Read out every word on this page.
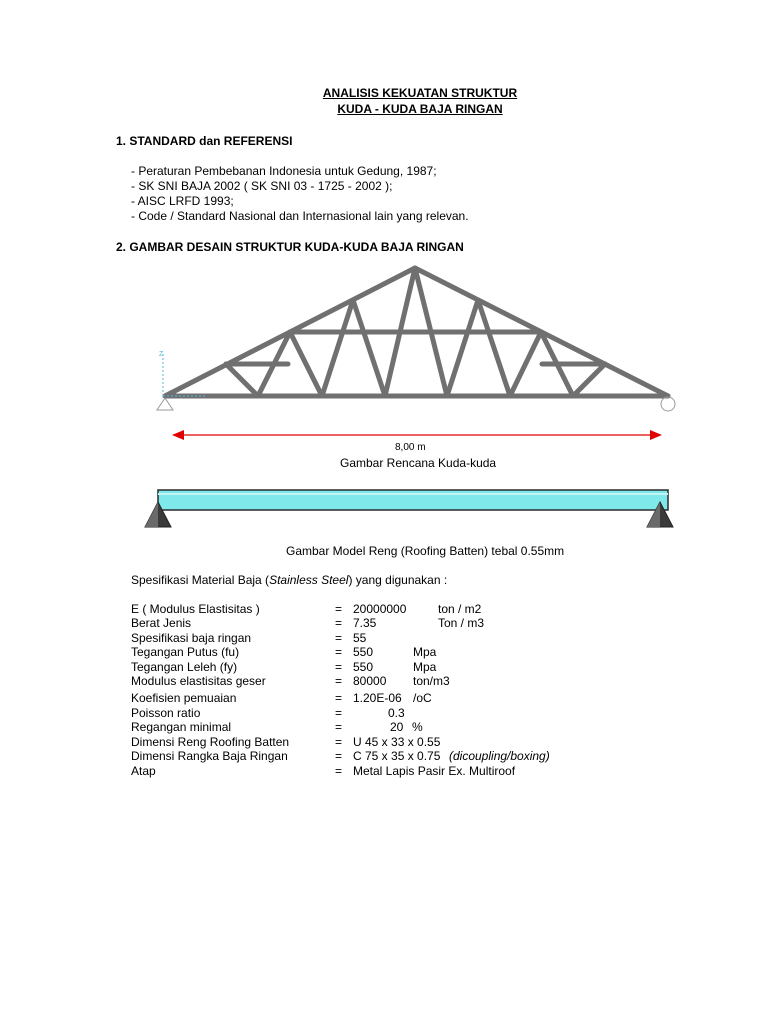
ANALISIS KEKUATAN STRUKTUR
KUDA - KUDA BAJA RINGAN
1. STANDARD dan REFERENSI
- Peraturan Pembebanan Indonesia untuk Gedung, 1987;
- SK SNI BAJA 2002 ( SK SNI 03 - 1725 - 2002 );
- AISC LRFD 1993;
- Code / Standard Nasional dan Internasional lain yang relevan.
2. GAMBAR DESAIN STRUKTUR KUDA-KUDA BAJA RINGAN
Z
8,00 m
Gambar Rencana Kuda-kuda
Gambar Model Reng (Roofing Batten) tebal 0.55mm
Spesifikasi Material Baja (Stainless Steel) yang digunakan :
E ( Modulus Elastisitas )	= 20000000	ton / m2
Berat Jenis	= 7.35	Ton / m3
Spesifikasi baja ringan	= 55
Tegangan Putus (fu)	= 550	Mpa
Tegangan Leleh (fy)	= 550	Mpa
Modulus elastisitas geser	= 80000 ton/m3
Koefisien pemuaian	= 1.20E-06 /oC
Poisson ratio	=	0.3
Regangan minimal	=	20 %
Dimensi Reng Roofing Batten	= U 45 x 33 x 0.55
Dimensi Rangka Baja Ringan	= C 75 x 35 x 0.75 (dicoupling/boxing)
Atap	= Metal Lapis Pasir Ex. Multiroof
